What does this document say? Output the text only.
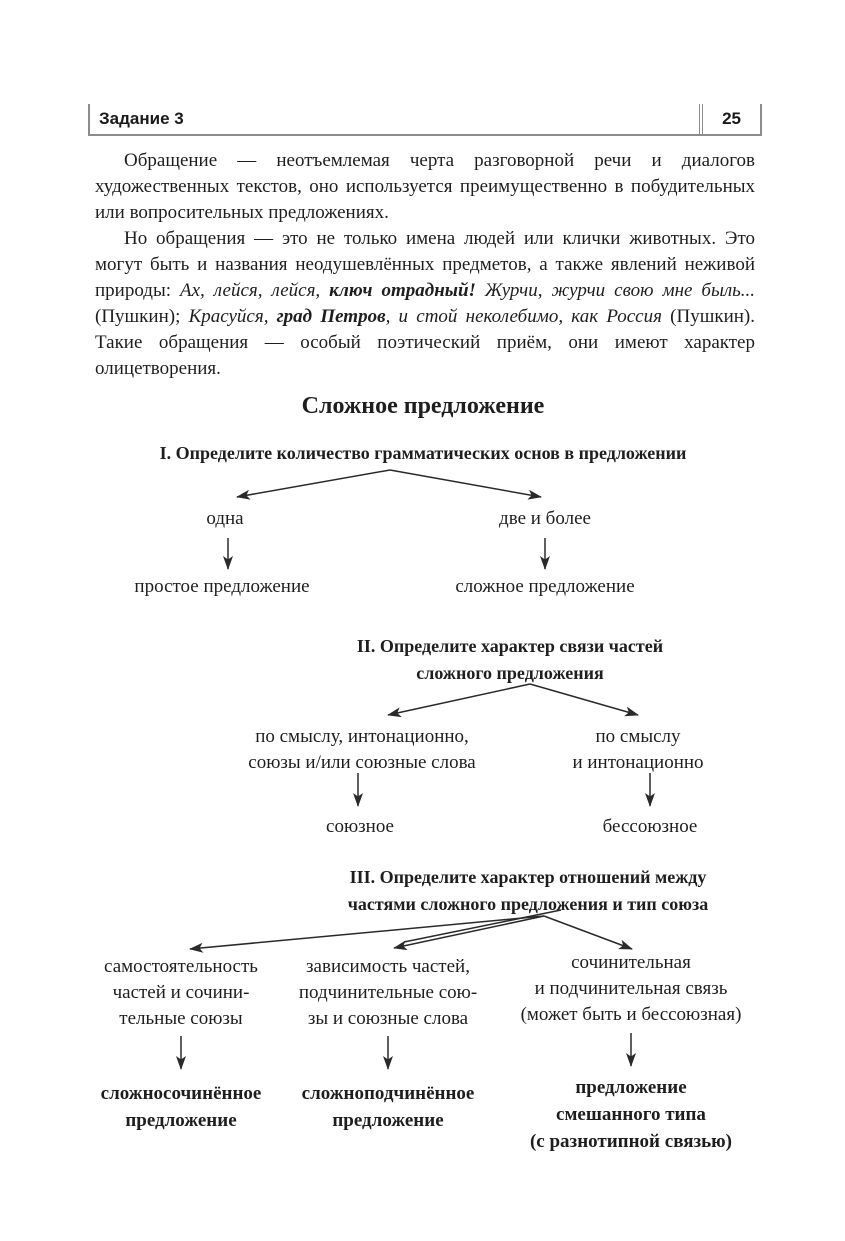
Задание 3	25

Обращение — неотъемлемая черта разговорной речи и диалогов художественных текстов, оно используется преимущественно в побудительных или вопросительных предложениях.

Но обращения — это не только имена людей или клички животных. Это могут быть и названия неодушевлённых предметов, а также явлений неживой природы: Ах, лейся, лейся, ключ отрадный! Журчи, журчи свою мне быль... (Пушкин); Красуйся, град Петров, и стой неколебимо, как Россия (Пушкин). Такие обращения — особый поэтический приём, они имеют характер олицетворения.

Сложное предложение
I. Определите количество грамматических основ в предложении
одна	две и более
простое предложение	сложное предложение
II. Определите характер связи частей
сложного предложения
по смыслу, интонационно,
союзы и/или союзные слова
по смыслу
и интонационно
союзное	бессоюзное
III. Определите характер отношений между
частями сложного предложения и тип союза
самостоятельность
частей и сочини-
тельные союзы
зависимость частей,
подчинительные сою-
зы и союзные слова
сочинительная
и подчинительная связь
(может быть и бессоюзная)
сложносочинённое
предложение
сложноподчинённое
предложение
предложение
смешанного типа
(с разнотипной связью)
